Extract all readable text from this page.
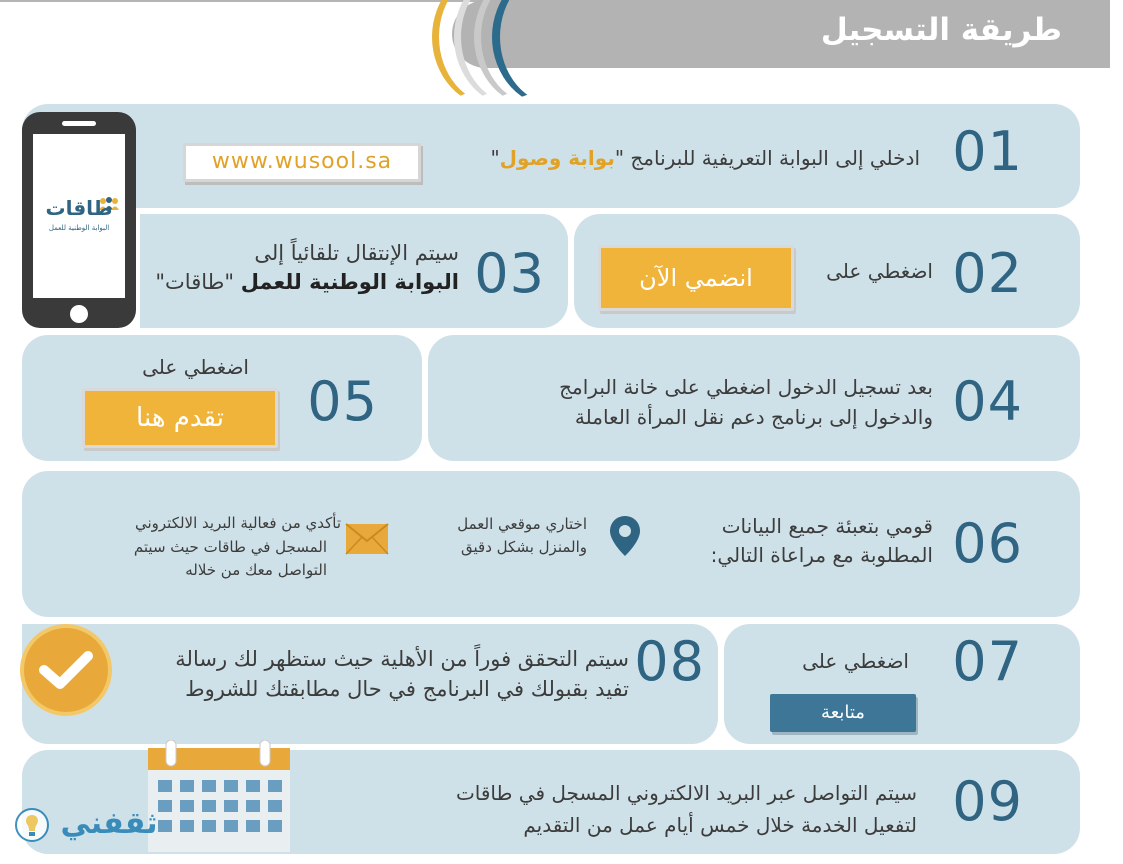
طريقة التسجيل
01
ادخلي إلى البوابة التعريفية للبرنامج "بوابة وصول"
www.wusool.sa
طاقات
البوابة الوطنية للعمل
02
اضغطي على
انضمي الآن
03
سيتم الإنتقال تلقائياً إلى
البوابة الوطنية للعمل "طاقات"
04
بعد تسجيل الدخول اضغطي على خانة البرامج
والدخول إلى برنامج دعم نقل المرأة العاملة
05
اضغطي على
تقدم هنا
06
قومي بتعبئة جميع البيانات
المطلوبة مع مراعاة التالي:
اختاري موقعي العمل
والمنزل بشكل دقيق
تأكدي من فعالية البريد الالكتروني
المسجل في طاقات حيث سيتم
التواصل معك من خلاله
07
اضغطي على
متابعة
08
سيتم التحقق فوراً من الأهلية حيث ستظهر لك رسالة
تفيد بقبولك في البرنامج في حال مطابقتك للشروط
09
سيتم التواصل عبر البريد الالكتروني المسجل في طاقات
لتفعيل الخدمة خلال خمس أيام عمل من التقديم
ثقفني
